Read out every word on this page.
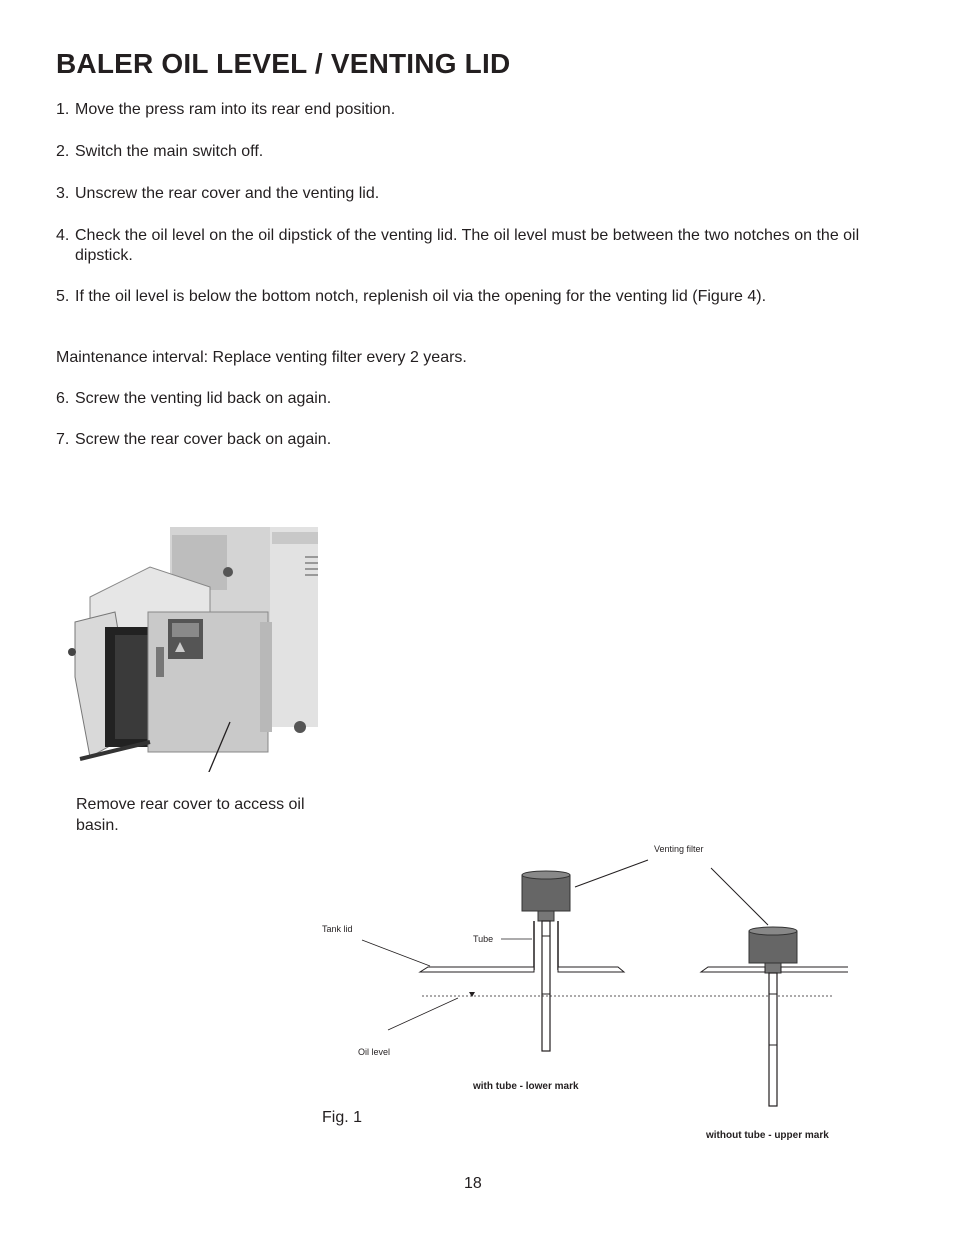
BALER OIL LEVEL / VENTING LID
1. Move the press ram into its rear end position.
2. Switch the main switch off.
3. Unscrew the rear cover and the venting lid.
4. Check the oil level on the oil dipstick of the venting lid. The oil level must be between the two notches on the oil dipstick.
5. If the oil level is below the bottom notch, replenish oil via the opening for the venting lid (Figure 4).
Maintenance interval: Replace venting filter every 2 years.
6. Screw the venting lid back on again.
7. Screw the rear cover back on again.
Remove rear cover to access oil basin.
Venting filter
Tank lid
Tube
Oil level
with tube - lower mark
without tube - upper mark
Fig. 1
18
